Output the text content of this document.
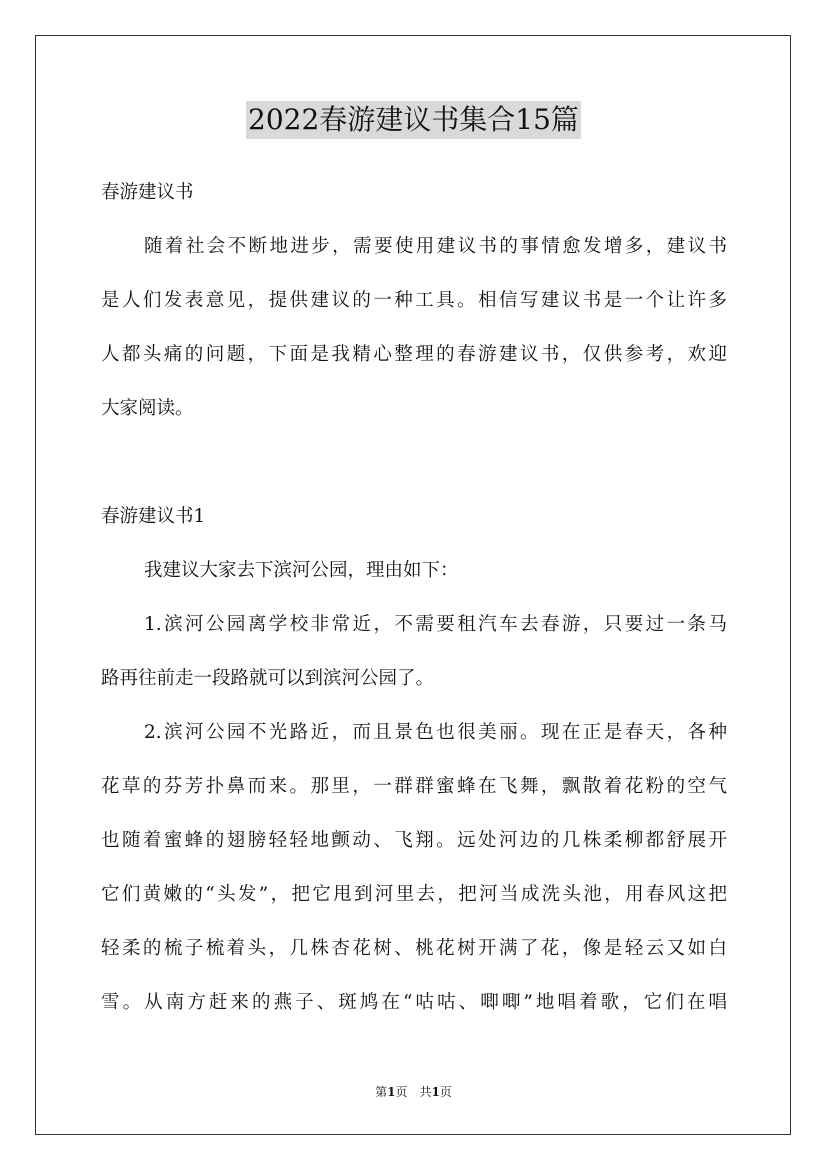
2022春游建议书集合15篇
春游建议书
随着社会不断地进步，需要使用建议书的事情愈发增多，建议书
是人们发表意见，提供建议的一种工具。相信写建议书是一个让许多
人都头痛的问题，下面是我精心整理的春游建议书，仅供参考，欢迎
大家阅读。
春游建议书1
我建议大家去下滨河公园，理由如下：
1.滨河公园离学校非常近，不需要租汽车去春游，只要过一条马
路再往前走一段路就可以到滨河公园了。
2.滨河公园不光路近，而且景色也很美丽。现在正是春天，各种
花草的芬芳扑鼻而来。那里，一群群蜜蜂在飞舞，飘散着花粉的空气
也随着蜜蜂的翅膀轻轻地颤动、飞翔。远处河边的几株柔柳都舒展开
它们黄嫩的“头发”，把它甩到河里去，把河当成洗头池，用春风这把
轻柔的梳子梳着头，几株杏花树、桃花树开满了花，像是轻云又如白
雪。从南方赶来的燕子、斑鸠在“咕咕、唧唧”地唱着歌，它们在唱
第1页　共1页
